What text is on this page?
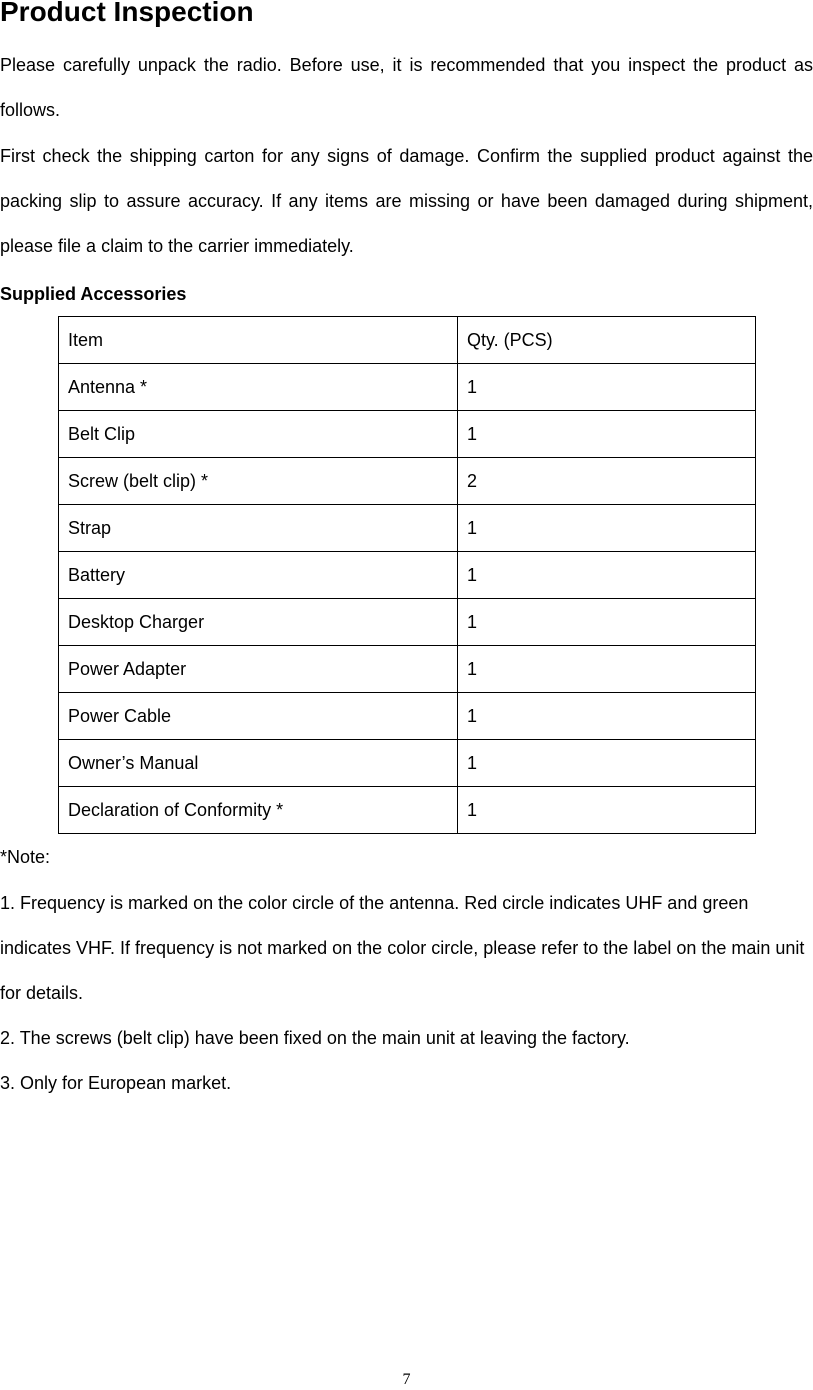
Product Inspection

Please carefully unpack the radio. Before use, it is recommended that you inspect the product as follows.

First check the shipping carton for any signs of damage. Confirm the supplied product against the packing slip to assure accuracy. If any items are missing or have been damaged during shipment, please file a claim to the carrier immediately.

Supplied Accessories
Item	Qty. (PCS)
Antenna *	1
Belt Clip	1
Screw (belt clip) *	2
Strap	1
Battery	1
Desktop Charger	1
Power Adapter	1
Power Cable	1
Owner’s Manual	1
Declaration of Conformity *	1
*Note:
1. Frequency is marked on the color circle of the antenna. Red circle indicates UHF and green indicates VHF. If frequency is not marked on the color circle, please refer to the label on the main unit for details.
2. The screws (belt clip) have been fixed on the main unit at leaving the factory.
3. Only for European market.
7
